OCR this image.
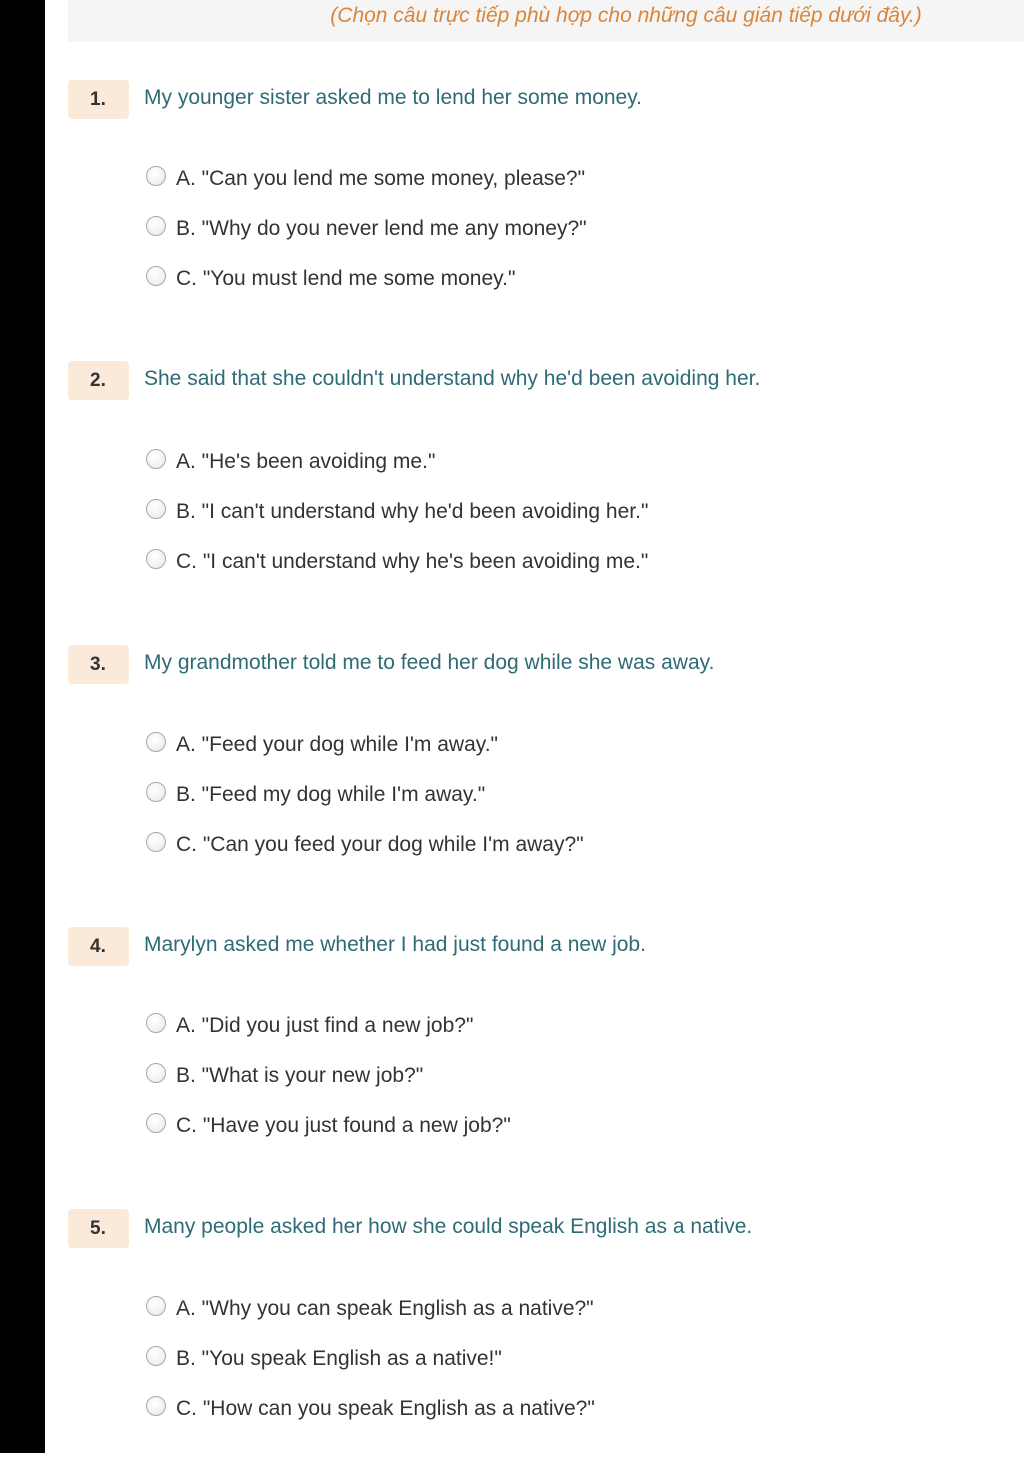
(Chọn câu trực tiếp phù hợp cho những câu gián tiếp dưới đây.)
1.	My younger sister asked me to lend her some money.
A. "Can you lend me some money, please?"
B. "Why do you never lend me any money?"
C. "You must lend me some money."
2.	She said that she couldn't understand why he'd been avoiding her.
A. "He's been avoiding me."
B. "I can't understand why he'd been avoiding her."
C. "I can't understand why he's been avoiding me."
3.	My grandmother told me to feed her dog while she was away.
A. "Feed your dog while I'm away."
B. "Feed my dog while I'm away."
C. "Can you feed your dog while I'm away?"
4.	Marylyn asked me whether I had just found a new job.
A. "Did you just find a new job?"
B. "What is your new job?"
C. "Have you just found a new job?"
5.	Many people asked her how she could speak English as a native.
A. "Why you can speak English as a native?"
B. "You speak English as a native!"
C. "How can you speak English as a native?"
